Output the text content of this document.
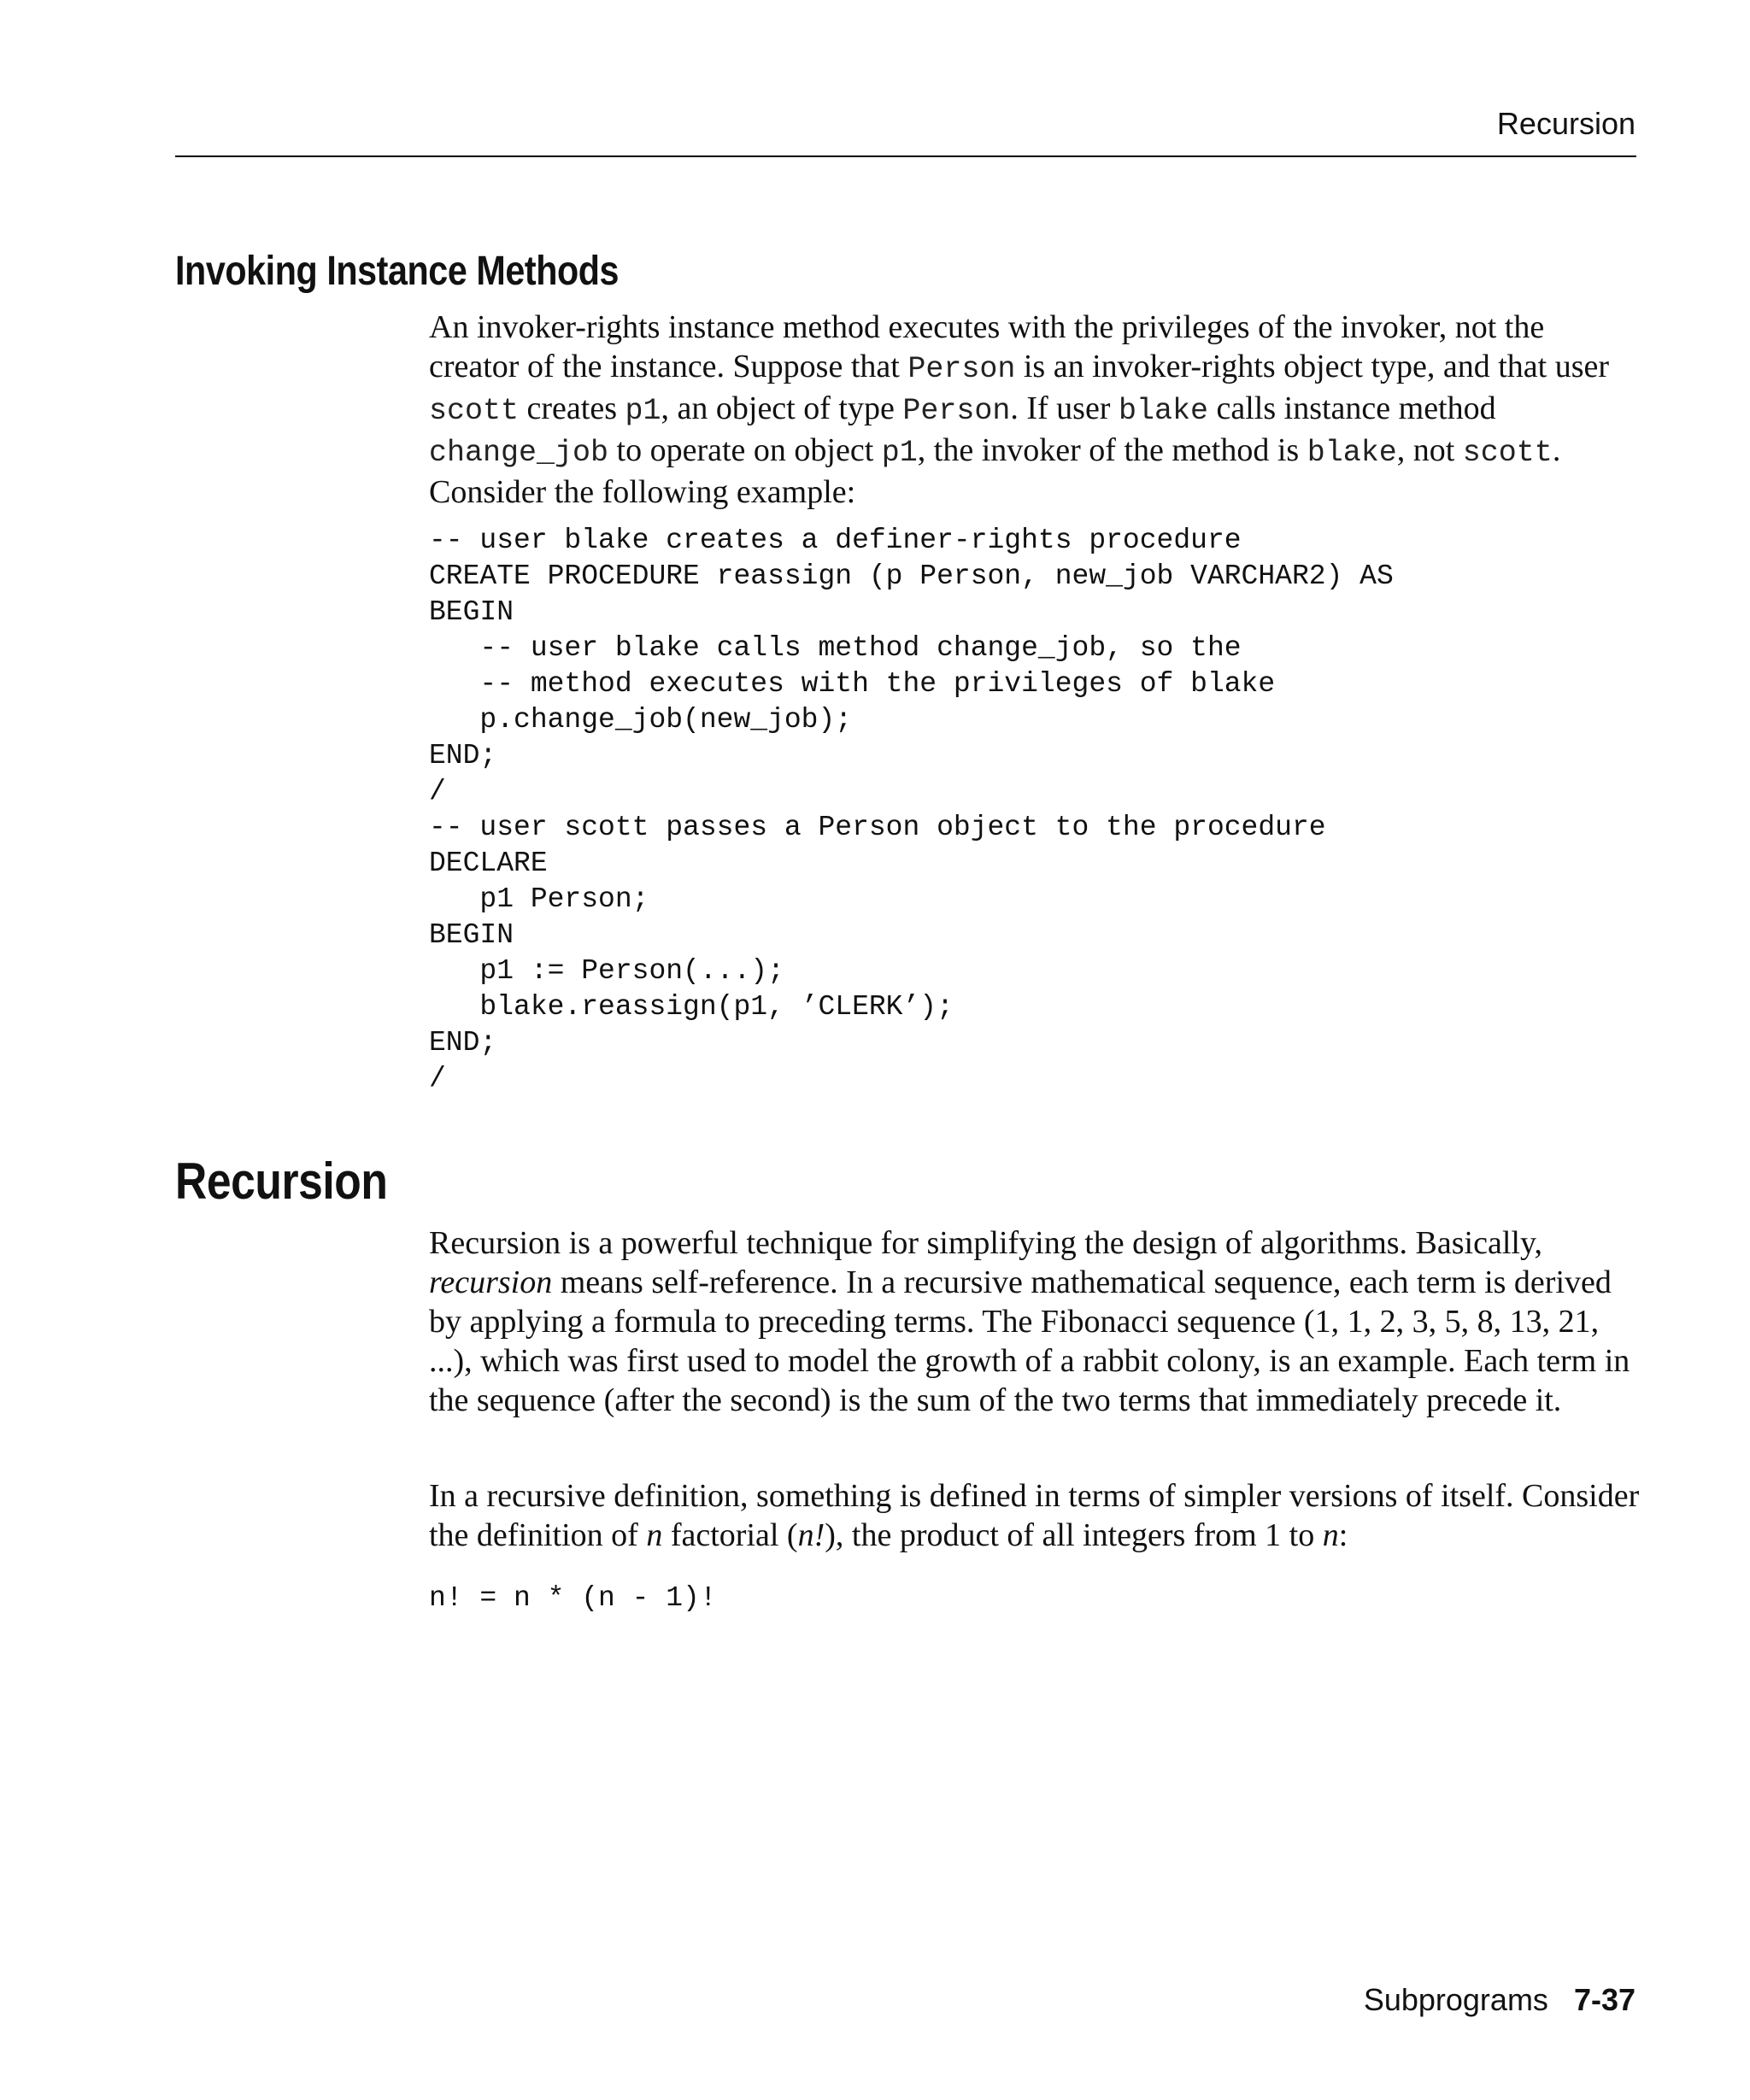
Recursion
Invoking Instance Methods

An invoker-rights instance method executes with the privileges of the invoker, not the creator of the instance. Suppose that Person is an invoker-rights object type, and that user scott creates p1, an object of type Person. If user blake calls instance method change_job to operate on object p1, the invoker of the method is blake, not scott. Consider the following example:

-- user blake creates a definer-rights procedure
CREATE PROCEDURE reassign (p Person, new_job VARCHAR2) AS
BEGIN
-- user blake calls method change_job, so the
-- method executes with the privileges of blake
p.change_job(new_job);
END;
/
-- user scott passes a Person object to the procedure
DECLARE
p1 Person;
BEGIN
p1 := Person(...);
blake.reassign(p1, ’CLERK’);
END;
/
Recursion

Recursion is a powerful technique for simplifying the design of algorithms. Basically, recursion means self-reference. In a recursive mathematical sequence, each term is derived by applying a formula to preceding terms. The Fibonacci sequence (1, 1, 2, 3, 5, 8, 13, 21, ...), which was first used to model the growth of a rabbit colony, is an example. Each term in the sequence (after the second) is the sum of the two terms that immediately precede it.

In a recursive definition, something is defined in terms of simpler versions of itself. Consider the definition of n factorial (n!), the product of all integers from 1 to n:

n! = n * (n - 1)!
Subprograms 7-37
